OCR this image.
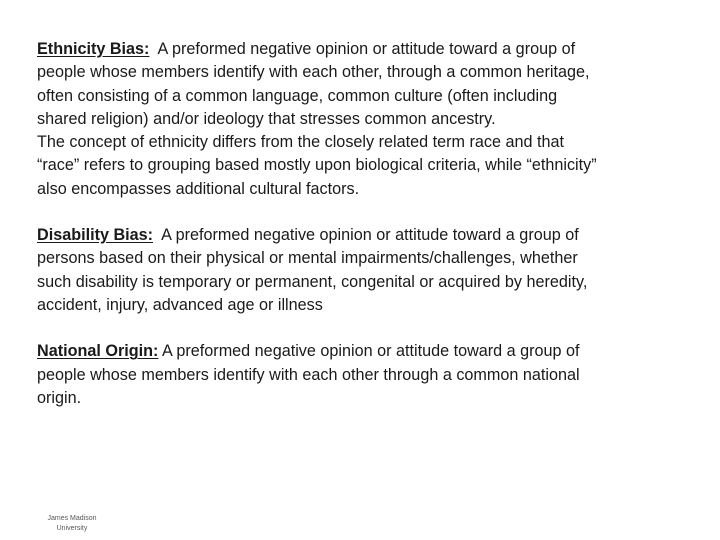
Ethnicity Bias:  A preformed negative opinion or attitude toward a group of people whose members identify with each other, through a common heritage, often consisting of a common language, common culture (often including shared religion) and/or ideology that stresses common ancestry.

The concept of ethnicity differs from the closely related term race and that “race” refers to grouping based mostly upon biological criteria, while “ethnicity” also encompasses additional cultural factors.

Disability Bias:  A preformed negative opinion or attitude toward a group of persons based on their physical or mental impairments/challenges, whether such disability is temporary or permanent, congenital or acquired by heredity, accident, injury, advanced age or illness

National Origin: A preformed negative opinion or attitude toward a group of people whose members identify with each other through a common national origin.

James Madison
University
